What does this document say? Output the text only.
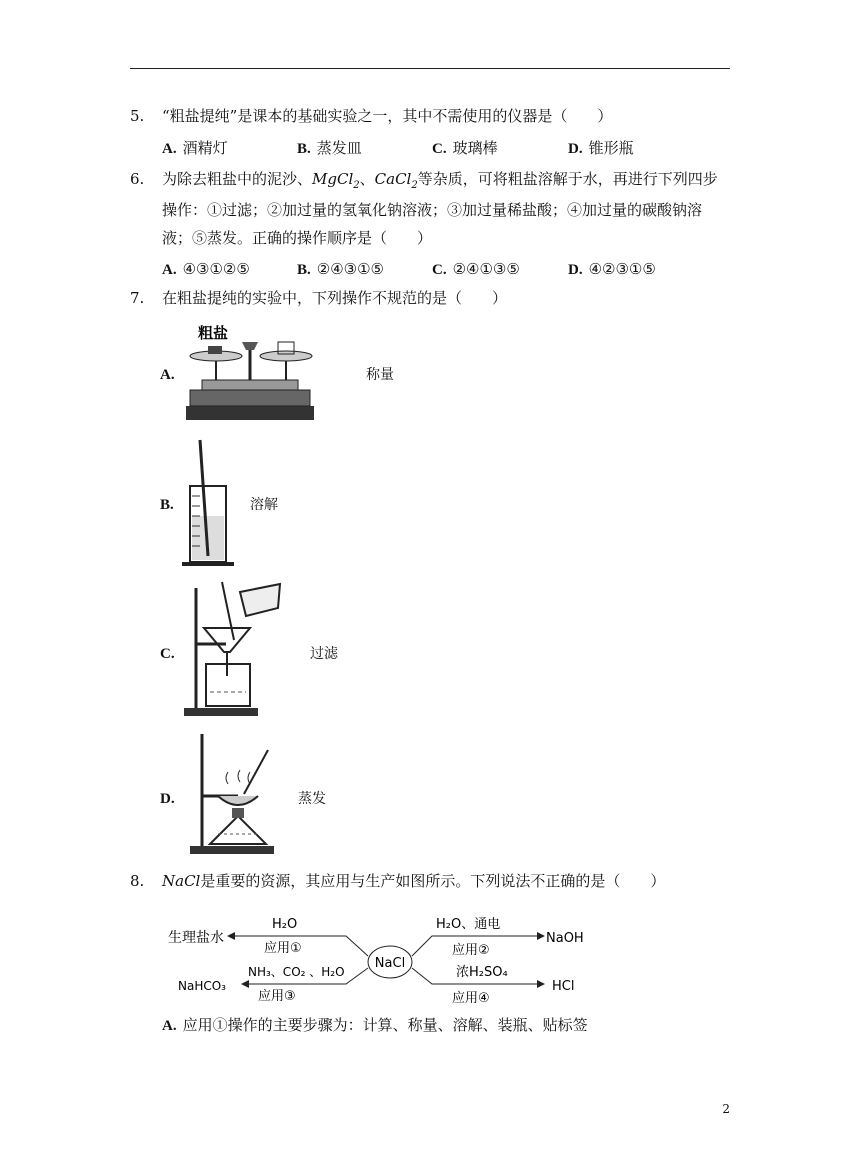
5. “粗盐提纯”是课本的基础实验之一，其中不需使用的仪器是（　　）
A. 酒精灯	B. 蒸发皿	C. 玻璃棒	D. 锥形瓶
6. 为除去粗盐中的泥沙、MgCl$_2$、CaCl$_2$等杂质，可将粗盐溶解于水，再进行下列四步
操作：①过滤；②加过量的氢氧化钠溶液；③加过量稀盐酸；④加过量的碳酸钠溶
液；⑤蒸发。正确的操作顺序是（　　）
A. ④③①②⑤	B. ②④③①⑤	C. ②④①③⑤	D. ④②③①⑤
7. 在粗盐提纯的实验中，下列操作不规范的是（　　）
A.
粗盐
称量
B.	溶解
C.	过滤
D.	蒸发
8. NaCl是重要的资源，其应用与生产如图所示。下列说法不正确的是（　　）
NaCl
生理盐水
H₂O
应用①
NaHCO₃
NH₃、CO₂ 、H₂O
应用③
NaOH
H₂O、通电
应用②
HCl
浓H₂SO₄
应用④
A. 应用①操作的主要步骤为：计算、称量、溶解、装瓶、贴标签
2
